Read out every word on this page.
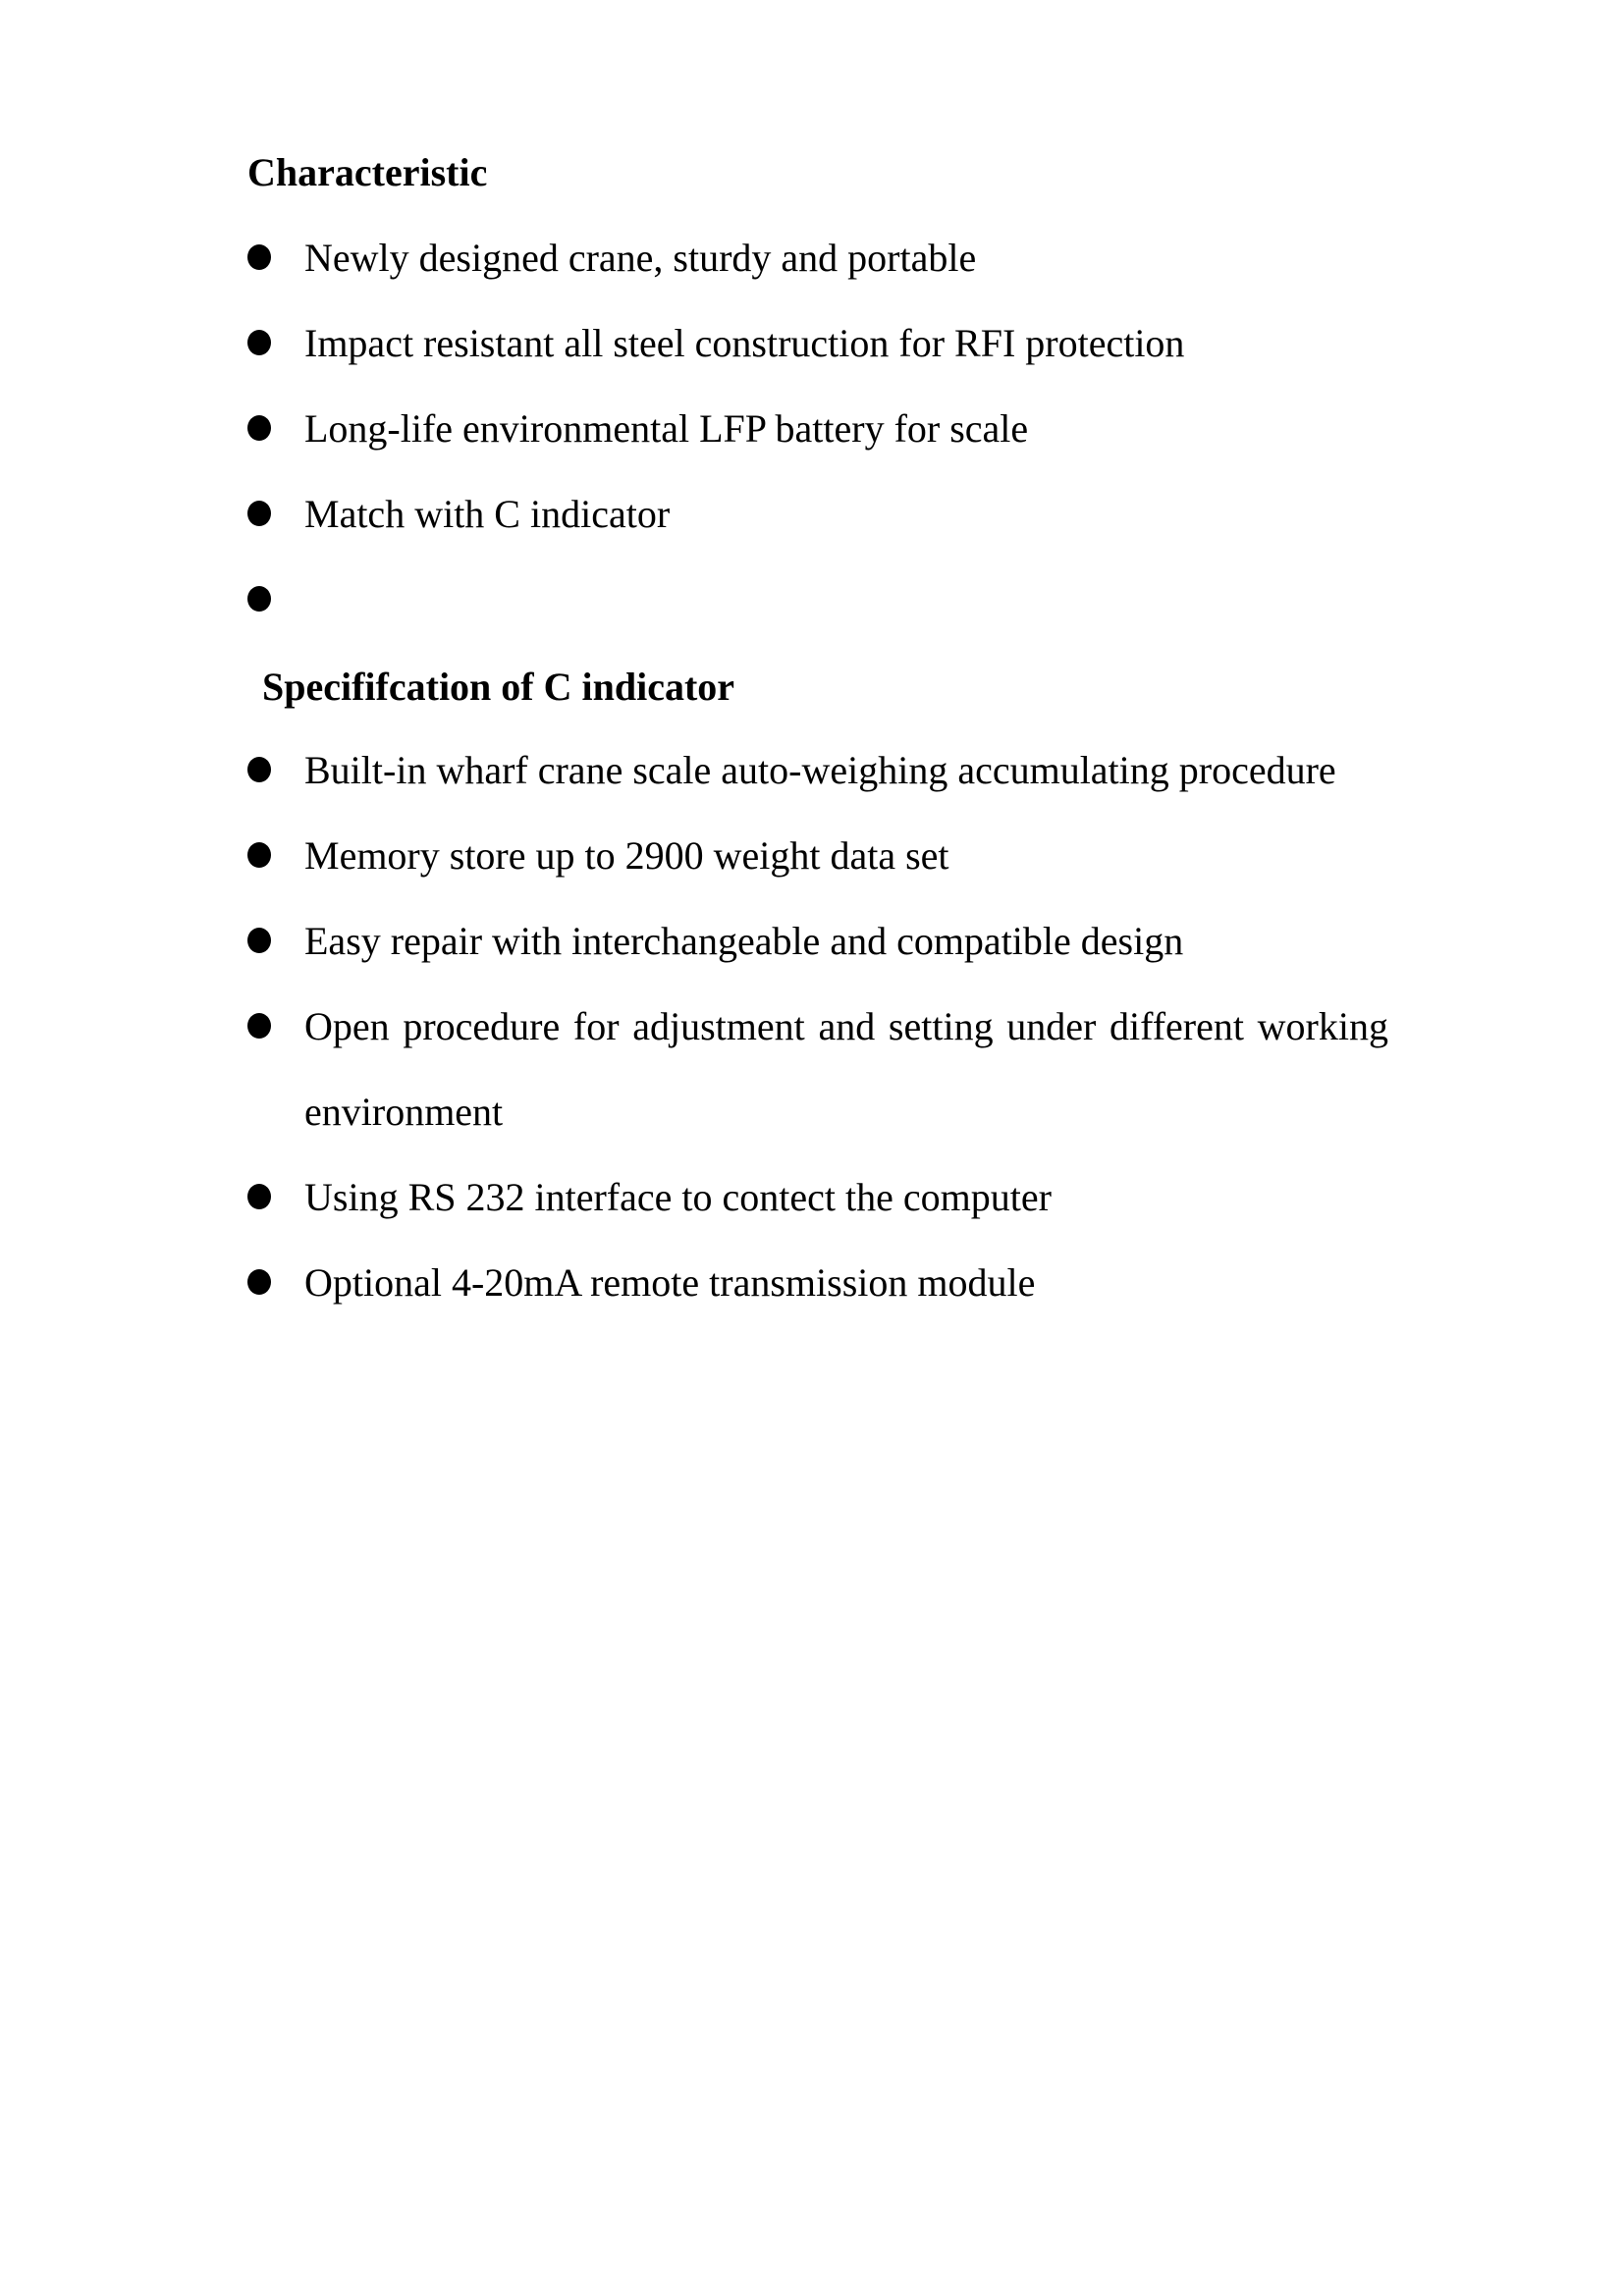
Characteristic
Newly designed crane, sturdy and portable
Impact resistant all steel construction for RFI protection
Long-life environmental LFP battery for scale
Match with C indicator

Specififcation of C indicator
Built-in wharf crane scale auto-weighing accumulating procedure
Memory store up to 2900 weight data set
Easy repair with interchangeable and compatible design
Open procedure for adjustment and setting under different working environment
Using RS 232 interface to contect the computer
Optional 4-20mA remote transmission module
